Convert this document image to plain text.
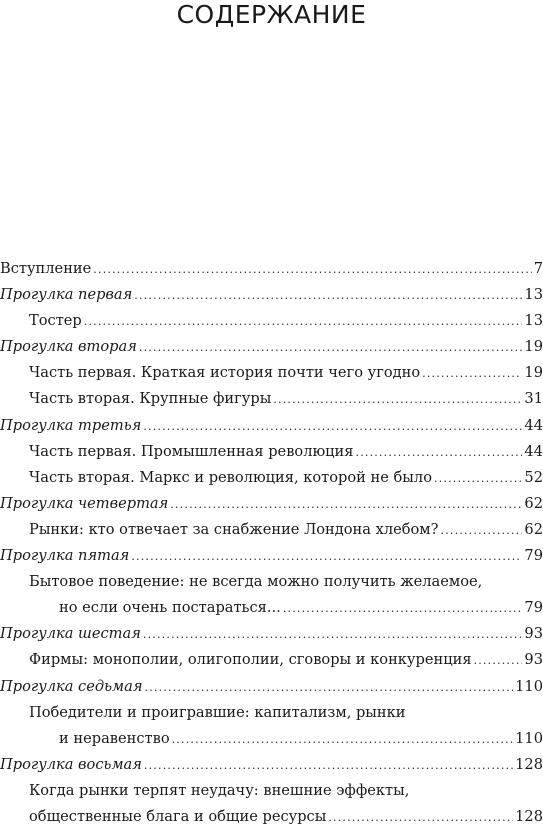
СОДЕРЖАНИЕ
Вступление .....	7
Прогулка первая .....	13
Тостер .....	13
Прогулка вторая .....	19
Часть первая. Краткая история почти чего угодно .....	19
Часть вторая. Крупные фигуры .....	31
Прогулка третья .....	44
Часть первая. Промышленная революция .....	44
Часть вторая. Маркс и революция, которой не было .....	52
Прогулка четвертая .....	62
Рынки: кто отвечает за снабжение Лондона хлебом? .....	62
Прогулка пятая .....	79
Бытовое поведение: не всегда можно получить желаемое,
но если очень постараться... .....	79
Прогулка шестая .....	93
Фирмы: монополии, олигополии, сговоры и конкуренция .....	93
Прогулка седьмая .....	110
Победители и проигравшие: капитализм, рынки
и неравенство .....	110
Прогулка восьмая .....	128
Когда рынки терпят неудачу: внешние эффекты,
общественные блага и общие ресурсы .....	128
